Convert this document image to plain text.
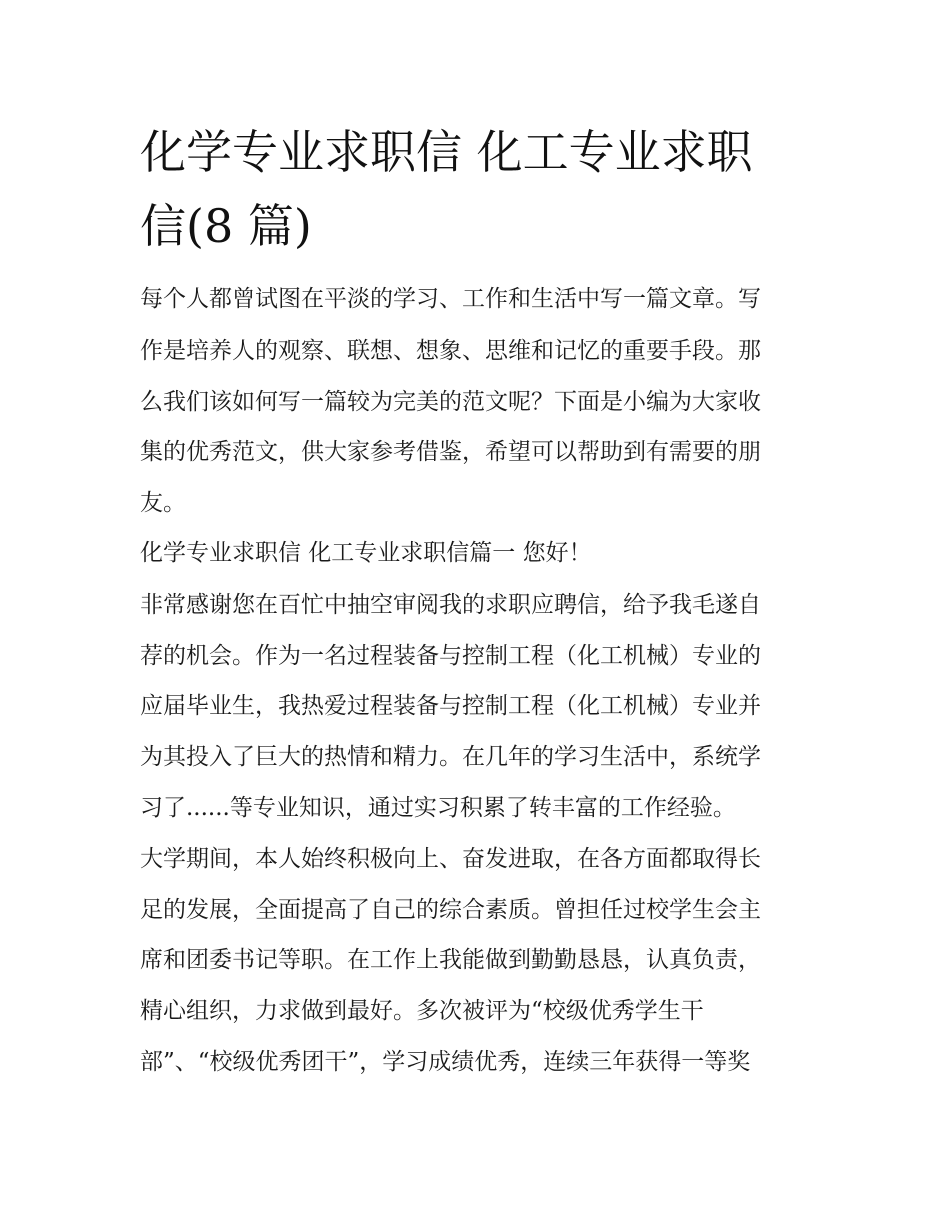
化学专业求职信 化工专业求职
信(8 篇)
每个人都曾试图在平淡的学习、工作和生活中写一篇文章。写
作是培养人的观察、联想、想象、思维和记忆的重要手段。那
么我们该如何写一篇较为完美的范文呢？下面是小编为大家收
集的优秀范文，供大家参考借鉴，希望可以帮助到有需要的朋
友。
化学专业求职信 化工专业求职信篇一 您好！
非常感谢您在百忙中抽空审阅我的求职应聘信，给予我毛遂自
荐的机会。作为一名过程装备与控制工程（化工机械）专业的
应届毕业生，我热爱过程装备与控制工程（化工机械）专业并
为其投入了巨大的热情和精力。在几年的学习生活中，系统学
习了......等专业知识，通过实习积累了转丰富的工作经验。
大学期间，本人始终积极向上、奋发进取，在各方面都取得长
足的发展，全面提高了自己的综合素质。曾担任过校学生会主
席和团委书记等职。在工作上我能做到勤勤恳恳，认真负责，
精心组织，力求做到最好。多次被评为“校级优秀学生干
部”、“校级优秀团干”，学习成绩优秀，连续三年获得一等奖
